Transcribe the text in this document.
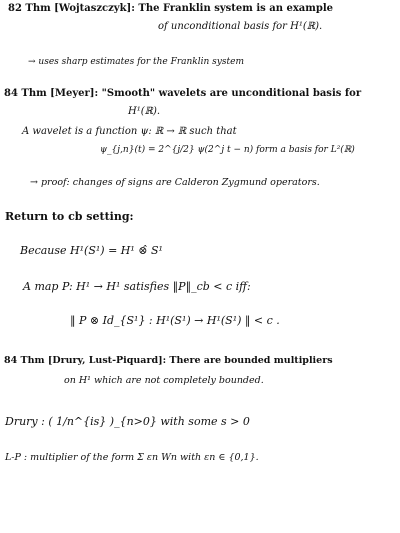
82 Thm [Wojtaszczyk]: The Franklin system is an example
of unconditional basis for H¹(ℝ).
→ uses sharp estimates for the Franklin system
84 Thm [Meyer]: "Smooth" wavelets are unconditional basis for
H¹(ℝ).
A wavelet is a function ψ: ℝ → ℝ such that
ψ_{j,n}(t) = 2^{j/2} ψ(2^j t − n) form a basis for L²(ℝ)
→ proof: changes of signs are Calderon Zygmund operators.
Return to cb setting:
Because H¹(S¹) = H¹ ⊗̂ S¹
A map P: H¹ → H¹ satisfies ‖P‖_cb < c iff:
‖ P ⊗ Id_{S¹} : H¹(S¹) → H¹(S¹) ‖ < c .
84 Thm [Drury, Lust-Piquard]: There are bounded multipliers
on H¹ which are not completely bounded.
Drury : ( 1/n^{is} )_{n>0} with some s > 0
L-P : multiplier of the form Σ εn Wn with εn ∈ {0,1}.
